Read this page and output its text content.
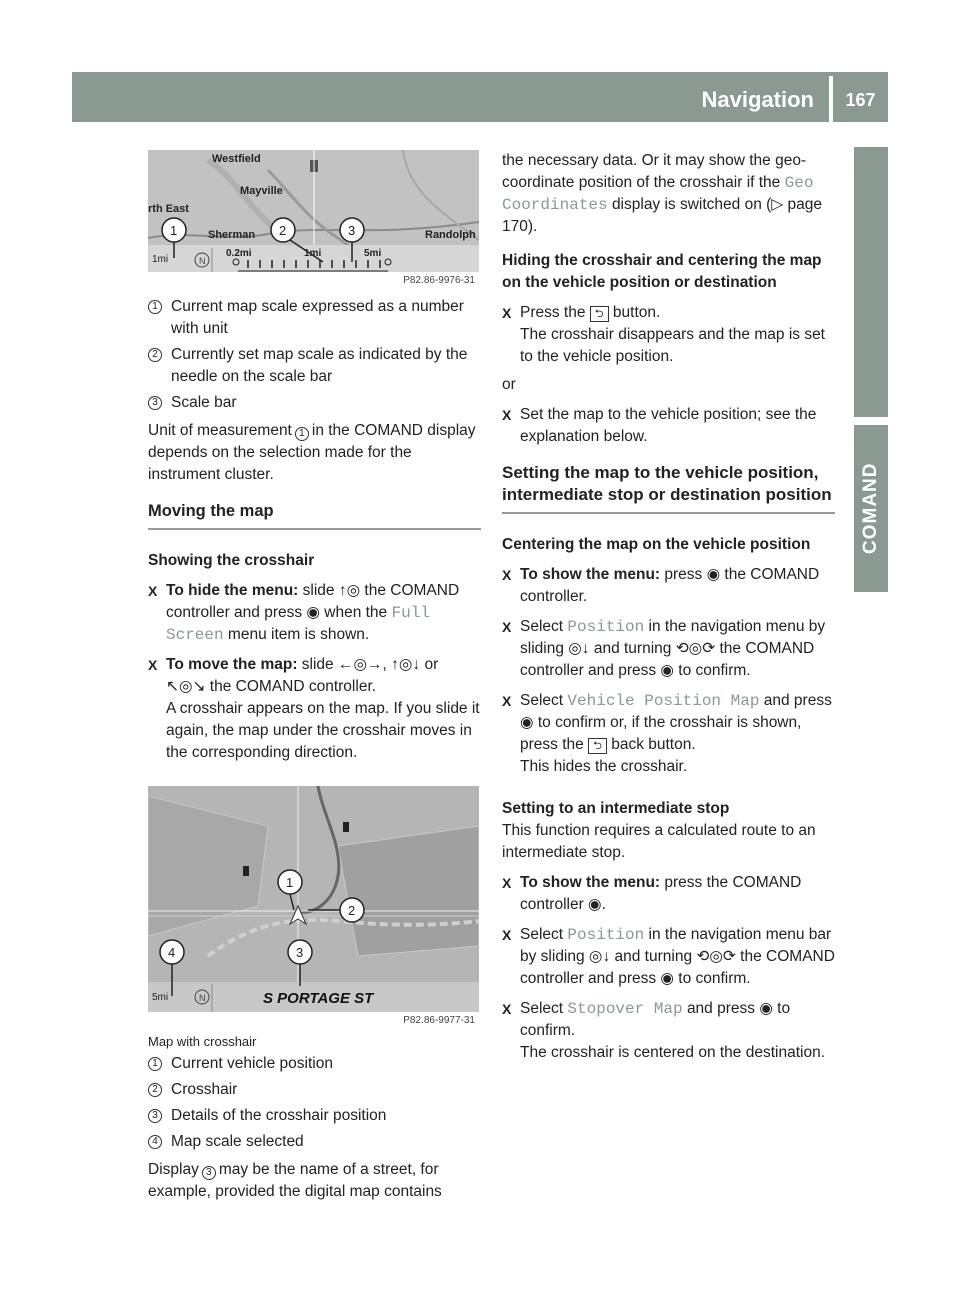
Navigation	167
COMAND
Westfield
Mayville
rth East
Sherman	Randolph
1mi	N
0.2mi	1mi	5mi
1	2	3
P82.86-9976-31
1 Current map scale expressed as a number with unit
2 Currently set map scale as indicated by the needle on the scale bar
3 Scale bar

Unit of measurement 1 in the COMAND display depends on the selection made for the instrument cluster.

Moving the map
Showing the crosshair
X To hide the menu: slide ↑◎ the COMAND controller and press ◉ when the Full Screen menu item is shown.
X To move the map: slide ←◎→, ↑◎↓ or ↖◎↘ the COMAND controller.
A crosshair appears on the map. If you slide it again, the map under the crosshair moves in the corresponding direction.
5mi	N	S PORTAGE ST
1
2
4	3
P82.86-9977-31
Map with crosshair
1 Current vehicle position
2 Crosshair
3 Details of the crosshair position
4 Map scale selected

Display 3 may be the name of a street, for example, provided the digital map contains

the necessary data. Or it may show the geo-coordinate position of the crosshair if the Geo Coordinates display is switched on (▷ page 170).

Hiding the crosshair and centering the map on the vehicle position or destination
X Press the ⮌ button.
The crosshair disappears and the map is set to the vehicle position.

or

X Set the map to the vehicle position; see the explanation below.
Setting the map to the vehicle position, intermediate stop or destination position
Centering the map on the vehicle position
X To show the menu: press ◉ the COMAND controller.
X Select Position in the navigation menu by sliding ◎↓ and turning ⟲◎⟳ the COMAND controller and press ◉ to confirm.
X Select Vehicle Position Map and press ◉ to confirm or, if the crosshair is shown, press the ⮌ back button.
This hides the crosshair.
Setting to an intermediate stop

This function requires a calculated route to an intermediate stop.

X To show the menu: press the COMAND controller ◉.
X Select Position in the navigation menu bar by sliding ◎↓ and turning ⟲◎⟳ the COMAND controller and press ◉ to confirm.
X Select Stopover Map and press ◉ to confirm.
The crosshair is centered on the destination.
